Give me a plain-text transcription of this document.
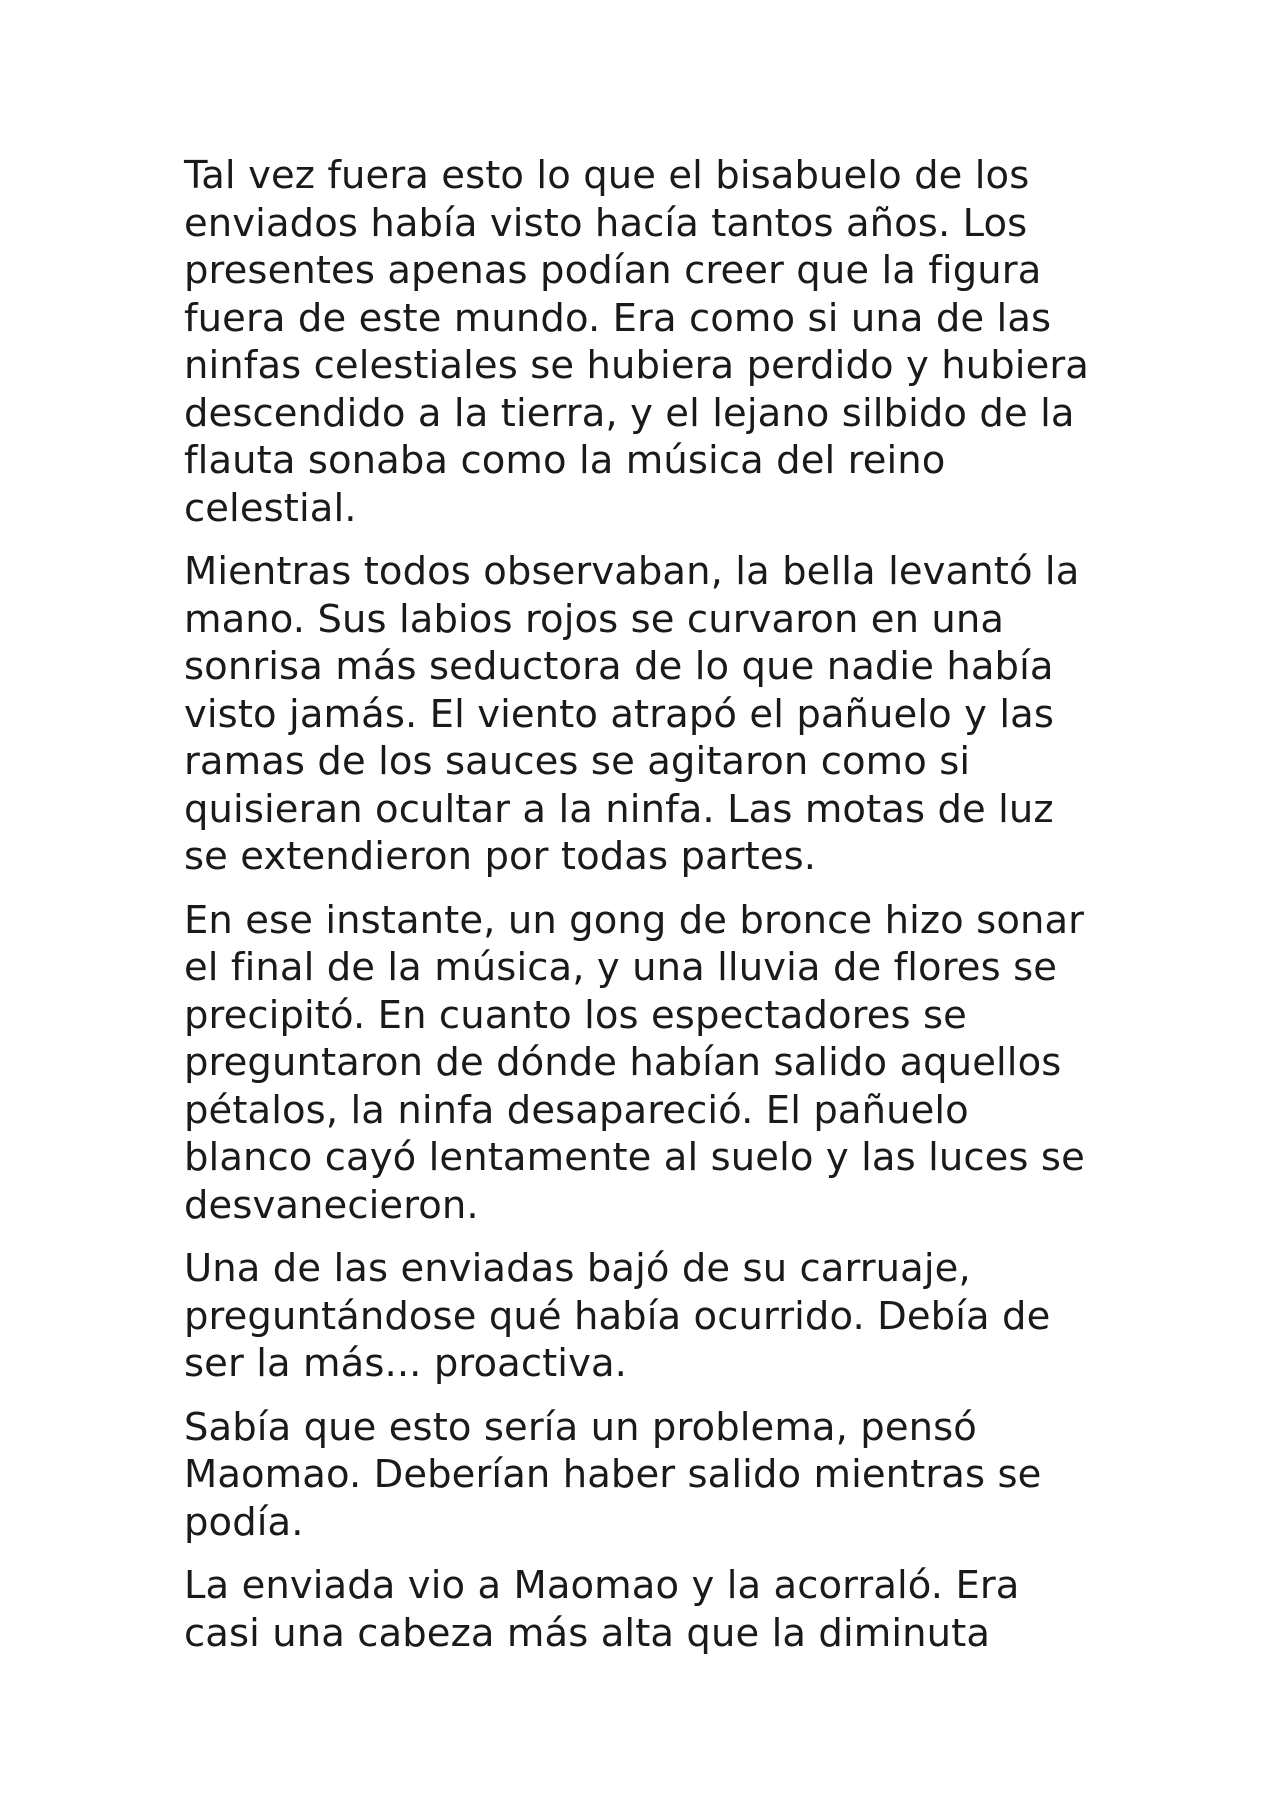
Tal vez fuera esto lo que el bisabuelo de los
enviados había visto hacía tantos años. Los
presentes apenas podían creer que la figura
fuera de este mundo. Era como si una de las
ninfas celestiales se hubiera perdido y hubiera
descendido a la tierra, y el lejano silbido de la
flauta sonaba como la música del reino
celestial.

Mientras todos observaban, la bella levantó la
mano. Sus labios rojos se curvaron en una
sonrisa más seductora de lo que nadie había
visto jamás. El viento atrapó el pañuelo y las
ramas de los sauces se agitaron como si
quisieran ocultar a la ninfa. Las motas de luz
se extendieron por todas partes.

En ese instante, un gong de bronce hizo sonar
el final de la música, y una lluvia de flores se
precipitó. En cuanto los espectadores se
preguntaron de dónde habían salido aquellos
pétalos, la ninfa desapareció. El pañuelo
blanco cayó lentamente al suelo y las luces se
desvanecieron.

Una de las enviadas bajó de su carruaje,
preguntándose qué había ocurrido. Debía de
ser la más... proactiva.

Sabía que esto sería un problema, pensó
Maomao. Deberían haber salido mientras se
podía.

La enviada vio a Maomao y la acorraló. Era
casi una cabeza más alta que la diminuta
